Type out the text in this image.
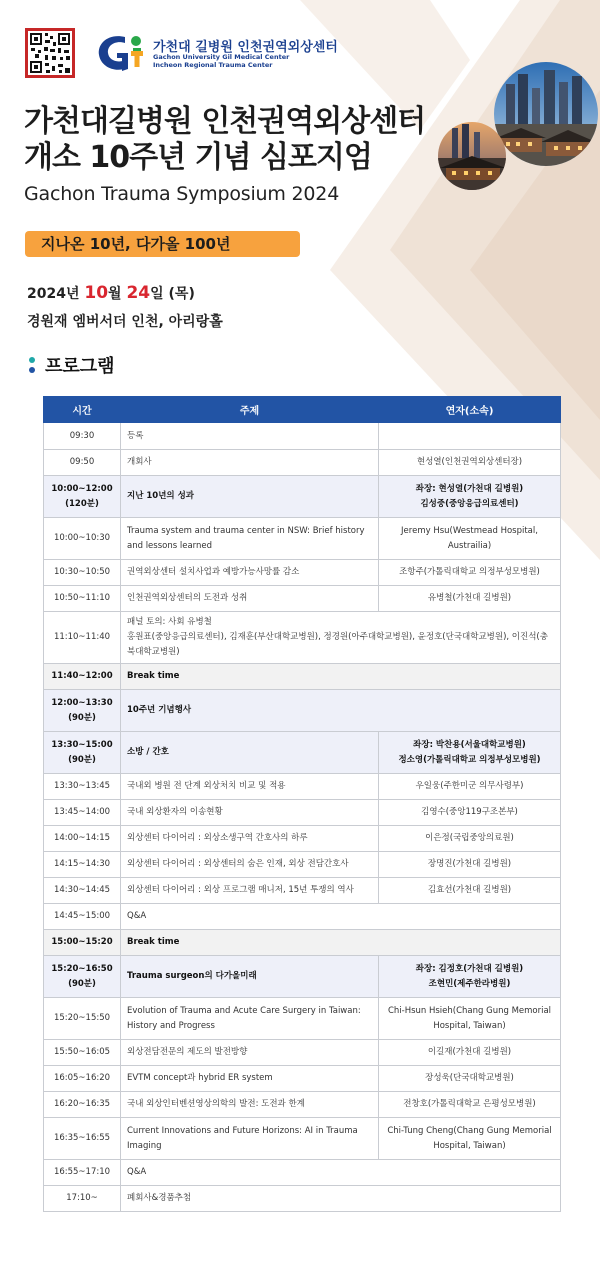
가천대 길병원 인천권역외상센터
Gachon University Gil Medical Center
Incheon Regional Trauma Center
가천대길병원 인천권역외상센터
개소 10주년 기념 심포지엄
Gachon Trauma Symposium 2024
지나온 10년, 다가올 100년
2024년 10월 24일 (목)
경원재 엠버서더 인천, 아리랑홀
프로그램
시간	주제	연자(소속)

09:30	등록	

09:50	개회사	현성열(인천권역외상센터장)

10:00~12:00
(120분)	지난 10년의 성과	좌장: 현성열(가천대 길병원)
김성중(중앙응급의료센터)

10:00~10:30	Trauma system and trauma center in NSW: Brief history and lessons learned	Jeremy Hsu(Westmead Hospital, Austrailia)

10:30~10:50	권역외상센터 설치사업과 예방가능사망률 감소	조항주(가톨릭대학교 의정부성모병원)

10:50~11:10	인천권역외상센터의 도전과 성취	유병철(가천대 길병원)

11:10~11:40	패널 토의: 사회 유병철
홍원표(중앙응급의료센터), 김재훈(부산대학교병원), 정경원(아주대학교병원), 윤정호(단국대학교병원), 이진석(충북대학교병원)	

11:40~12:00	Break time	

12:00~13:30
(90분)	10주년 기념행사	

13:30~15:00
(90분)	소방 / 간호	좌장: 박찬용(서울대학교병원)
정소영(가톨릭대학교 의정부성모병원)

13:30~13:45	국내외 병원 전 단계 외상처치 비교 및 적용	우일웅(주한미군 의무사령부)

13:45~14:00	국내 외상환자의 이송현황	김영수(중앙119구조본부)

14:00~14:15	외상센터 다이어리 : 외상소생구역 간호사의 하루	이은정(국립중앙의료원)

14:15~14:30	외상센터 다이어리 : 외상센터의 숨은 인재, 외상 전담간호사	장명진(가천대 길병원)

14:30~14:45	외상센터 다이어리 : 외상 프로그램 매니저, 15년 투쟁의 역사	김효선(가천대 길병원)

14:45~15:00	Q&A	

15:00~15:20	Break time	

15:20~16:50
(90분)	Trauma surgeon의 다가올미래	좌장: 김정호(가천대 길병원)
조현민(제주한라병원)

15:20~15:50	Evolution of Trauma and Acute Care Surgery in Taiwan: History and Progress	Chi-Hsun Hsieh(Chang Gung Memorial Hospital, Taiwan)

15:50~16:05	외상전담전문의 제도의 발전방향	이길재(가천대 길병원)

16:05~16:20	EVTM concept과 hybrid ER system	장성욱(단국대학교병원)

16:20~16:35	국내 외상인터벤션영상의학의 발전: 도전과 한계	전창호(가톨릭대학교 은평성모병원)

16:35~16:55	Current Innovations and Future Horizons: AI in Trauma Imaging	Chi-Tung Cheng(Chang Gung Memorial Hospital, Taiwan)

16:55~17:10	Q&A	

17:10~	폐회사&경품추첨	
